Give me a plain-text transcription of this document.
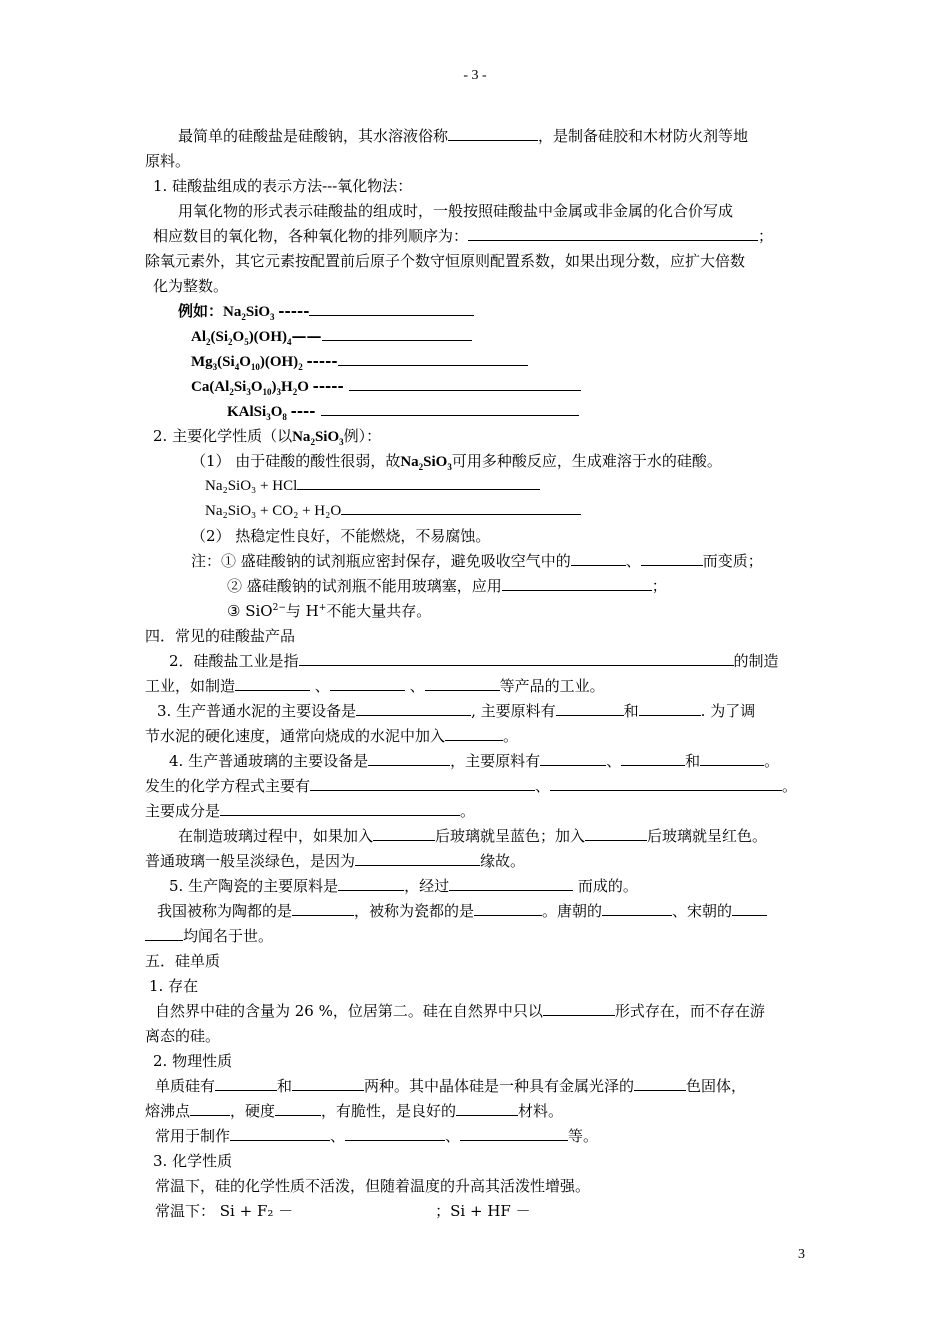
- 3 -
最简单的硅酸盐是硅酸钠，其水溶液俗称	，是制备硅胶和木材防火剂等地
原料。
1. 硅酸盐组成的表示方法---氧化物法：
用氧化物的形式表示硅酸盐的组成时，一般按照硅酸盐中金属或非金属的化合价写成
相应数目的氧化物，各种氧化物的排列顺序为：	；
除氧元素外，其它元素按配置前后原子个数守恒原则配置系数，如果出现分数，应扩大倍数
化为整数。
例如：$Na_2SiO_3$ -----
$Al_2(Si_2O_5)(OH)_4——$
$Mg_3(Si_4O_{10})(OH)_2$ -----
$Ca(Al_2Si_3O_{10})_3H_2O$ -----
$KAlSi_3O_8$ ----
2. 主要化学性质（以$Na_2SiO_3$例）：
（1） 由于硅酸的酸性很弱，故$Na_2SiO_3$可用多种酸反应，生成难溶于水的硅酸。
Na₂SiO₃ + HCl
Na₂SiO₃ + CO₂ + H₂O
（2） 热稳定性良好，不能燃烧，不易腐蚀。
注：① 盛硅酸钠的试剂瓶应密封保存，避免吸收空气中的	、	而变质；
② 盛硅酸钠的试剂瓶不能用玻璃塞，应用	；
③ SiO$^{2-}$与 H+不能大量共存。
四．常见的硅酸盐产品
2．硅酸盐工业是指	的制造
工业，如制造	、	、	等产品的工业。
3. 生产普通水泥的主要设备是	, 主要原料有	和	. 为了调
节水泥的硬化速度，通常向烧成的水泥中加入	。
4. 生产普通玻璃的主要设备是	，主要原料有	、	和	。
发生的化学方程式主要有	、	。
主要成分是	。
在制造玻璃过程中，如果加入	后玻璃就呈蓝色；加入	后玻璃就呈红色。
普通玻璃一般呈淡绿色，是因为	缘故。
5. 生产陶瓷的主要原料是	，经过	而成的。
我国被称为陶都的是	，被称为瓷都的是	。唐朝的	、宋朝的
均闻名于世。
五．硅单质
1. 存在
自然界中硅的含量为 26 %，位居第二。硅在自然界中只以	形式存在，而不存在游
离态的硅。
2. 物理性质
单质硅有	和	两种。其中晶体硅是一种具有金属光泽的	色固体，
熔沸点	，硬度	，有脆性，是良好的	材料。
常用于制作	、	、	等。
3. 化学性质
常温下，硅的化学性质不活泼，但随着温度的升高其活泼性增强。
常温下： Si + F₂ －	；Si + HF －
3
